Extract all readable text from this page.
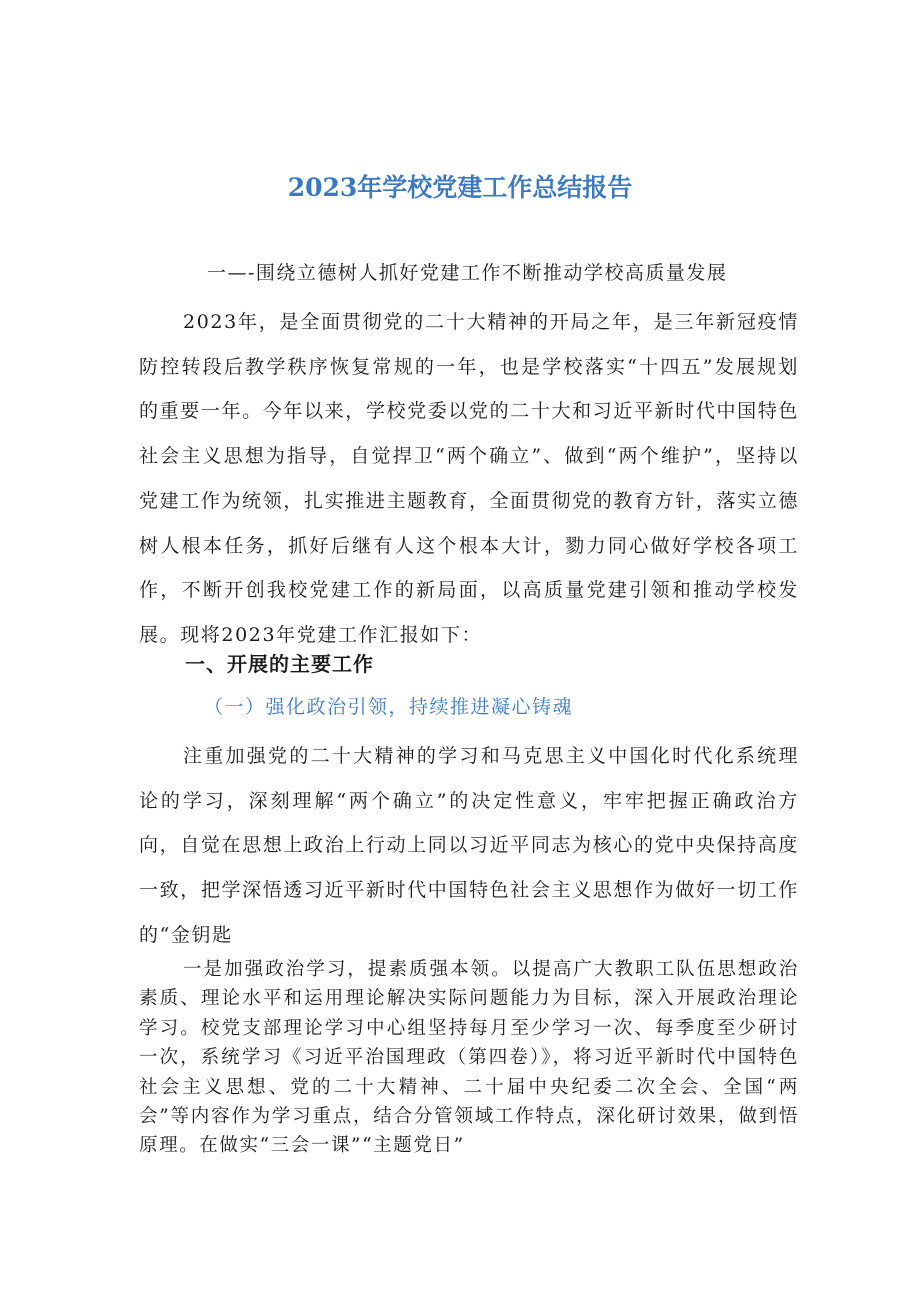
2023年学校党建工作总结报告
一—-围绕立德树人抓好党建工作不断推动学校高质量发展

2023年，是全面贯彻党的二十大精神的开局之年，是三年新冠疫情防控转段后教学秩序恢复常规的一年，也是学校落实“十四五”发展规划的重要一年。今年以来，学校党委以党的二十大和习近平新时代中国特色社会主义思想为指导，自觉捍卫“两个确立”、做到“两个维护”，坚持以党建工作为统领，扎实推进主题教育，全面贯彻党的教育方针，落实立德树人根本任务，抓好后继有人这个根本大计，勠力同心做好学校各项工作，不断开创我校党建工作的新局面，以高质量党建引领和推动学校发展。现将2023年党建工作汇报如下：

一、开展的主要工作
（一）强化政治引领，持续推进凝心铸魂

注重加强党的二十大精神的学习和马克思主义中国化时代化系统理论的学习，深刻理解“两个确立”的决定性意义，牢牢把握正确政治方向，自觉在思想上政治上行动上同以习近平同志为核心的党中央保持高度一致，把学深悟透习近平新时代中国特色社会主义思想作为做好一切工作的“金钥匙

一是加强政治学习，提素质强本领。以提高广大教职工队伍思想政治素质、理论水平和运用理论解决实际问题能力为目标，深入开展政治理论学习。校党支部理论学习中心组坚持每月至少学习一次、每季度至少研讨一次，系统学习《习近平治国理政（第四卷）》，将习近平新时代中国特色社会主义思想、党的二十大精神、二十届中央纪委二次全会、全国“两会”等内容作为学习重点，结合分管领域工作特点，深化研讨效果，做到悟原理。在做实“三会一课”“主题党日”
